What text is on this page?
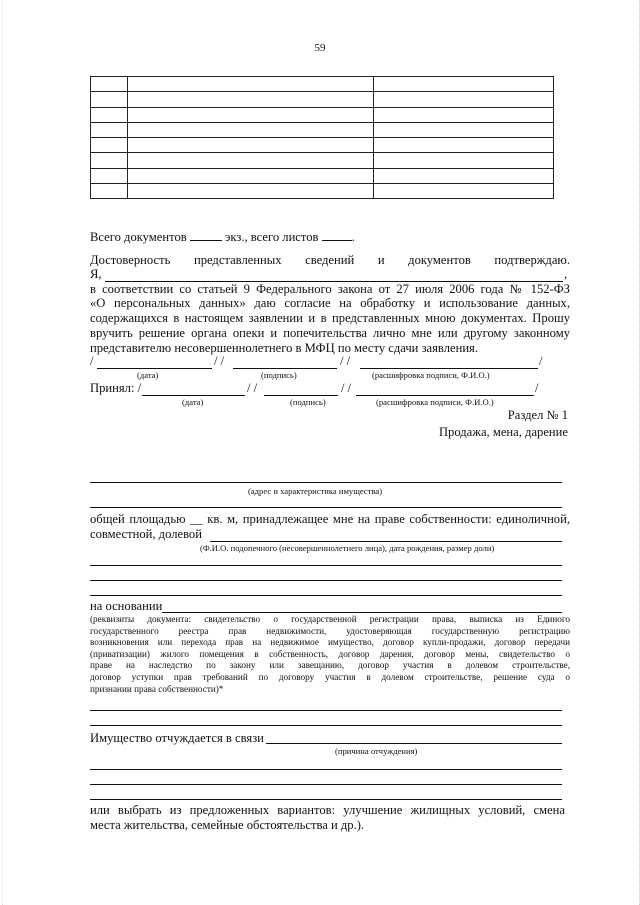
59

Всего документов	экз., всего листов	.
Достоверность представленных сведений и документов подтверждаю.
Я,	,
в соответствии со статьей 9 Федерального закона от 27 июля 2006 года № 152-ФЗ
«О персональных данных» даю согласие на обработку и использование данных,
содержащихся в настоящем заявлении и в представленных мною документах. Прошу
вручить решение органа опеки и попечительства лично мне или другому законному
представителю несовершеннолетнего в МФЦ по месту сдачи заявления.
/	/ /	/ /	/
(дата)	(подпись)	(расшифровка подписи, Ф.И.О.)
Принял: /	/ /	/ /	/
(дата)	(подпись)	(расшифровка подписи, Ф.И.О.)
Раздел № 1
Продажа, мена, дарение
(адрес и характеристика имущества)
общей площадью __ кв. м, принадлежащее мне на праве собственности: единоличной,
совместной, долевой
(Ф.И.О. подопечного (несовершеннолетнего лица), дата рождения, размер доли)
на основании
(реквизиты документа: свидетельство о государственной регистрации права, выписка из Единого
государственного реестра прав недвижимости, удостоверяющая государственную регистрацию
возникновения или перехода прав на недвижимое имущество, договор купли-продажи, договор передачи
(приватизации) жилого помещения в собственность, договор дарения, договор мены, свидетельство о
праве на наследство по закону или завещанию, договор участия в долевом строительстве,
договор уступки прав требований по договору участия в долевом строительстве, решение суда о
признании права собственности)*
Имущество отчуждается в связи
(причина отчуждения)
или выбрать из предложенных вариантов: улучшение жилищных условий, смена
места жительства, семейные обстоятельства и др.).
